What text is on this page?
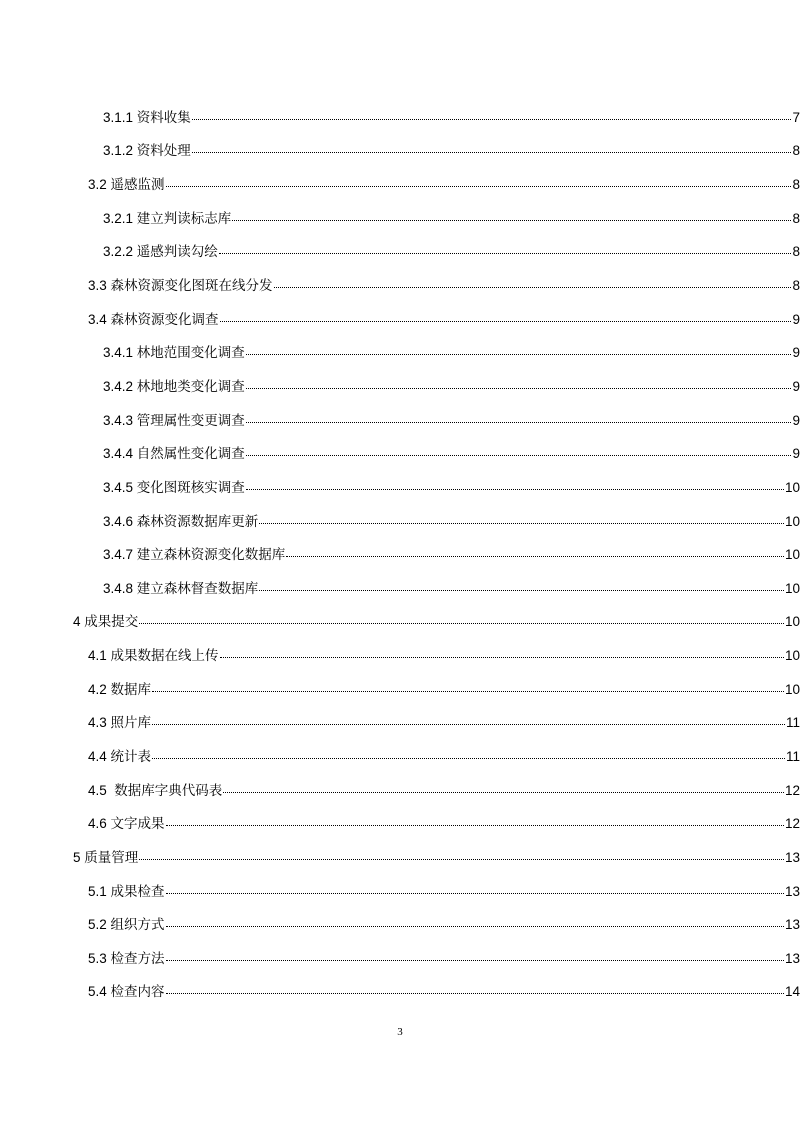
3.1.1 资料收集	7
3.1.2 资料处理	8
3.2 遥感监测	8
3.2.1 建立判读标志库	8
3.2.2 遥感判读勾绘	8
3.3 森林资源变化图斑在线分发	8
3.4 森林资源变化调查	9
3.4.1 林地范围变化调查	9
3.4.2 林地地类变化调查	9
3.4.3 管理属性变更调查	9
3.4.4 自然属性变化调查	9
3.4.5 变化图斑核实调查	10
3.4.6 森林资源数据库更新	10
3.4.7 建立森林资源变化数据库	10
3.4.8 建立森林督查数据库	10
4 成果提交	10
4.1 成果数据在线上传	10
4.2 数据库	10
4.3 照片库	11
4.4 统计表	11
4.5 数据库字典代码表	12
4.6 文字成果	12
5 质量管理	13
5.1 成果检查	13
5.2 组织方式	13
5.3 检查方法	13
5.4 检查内容	14
3
